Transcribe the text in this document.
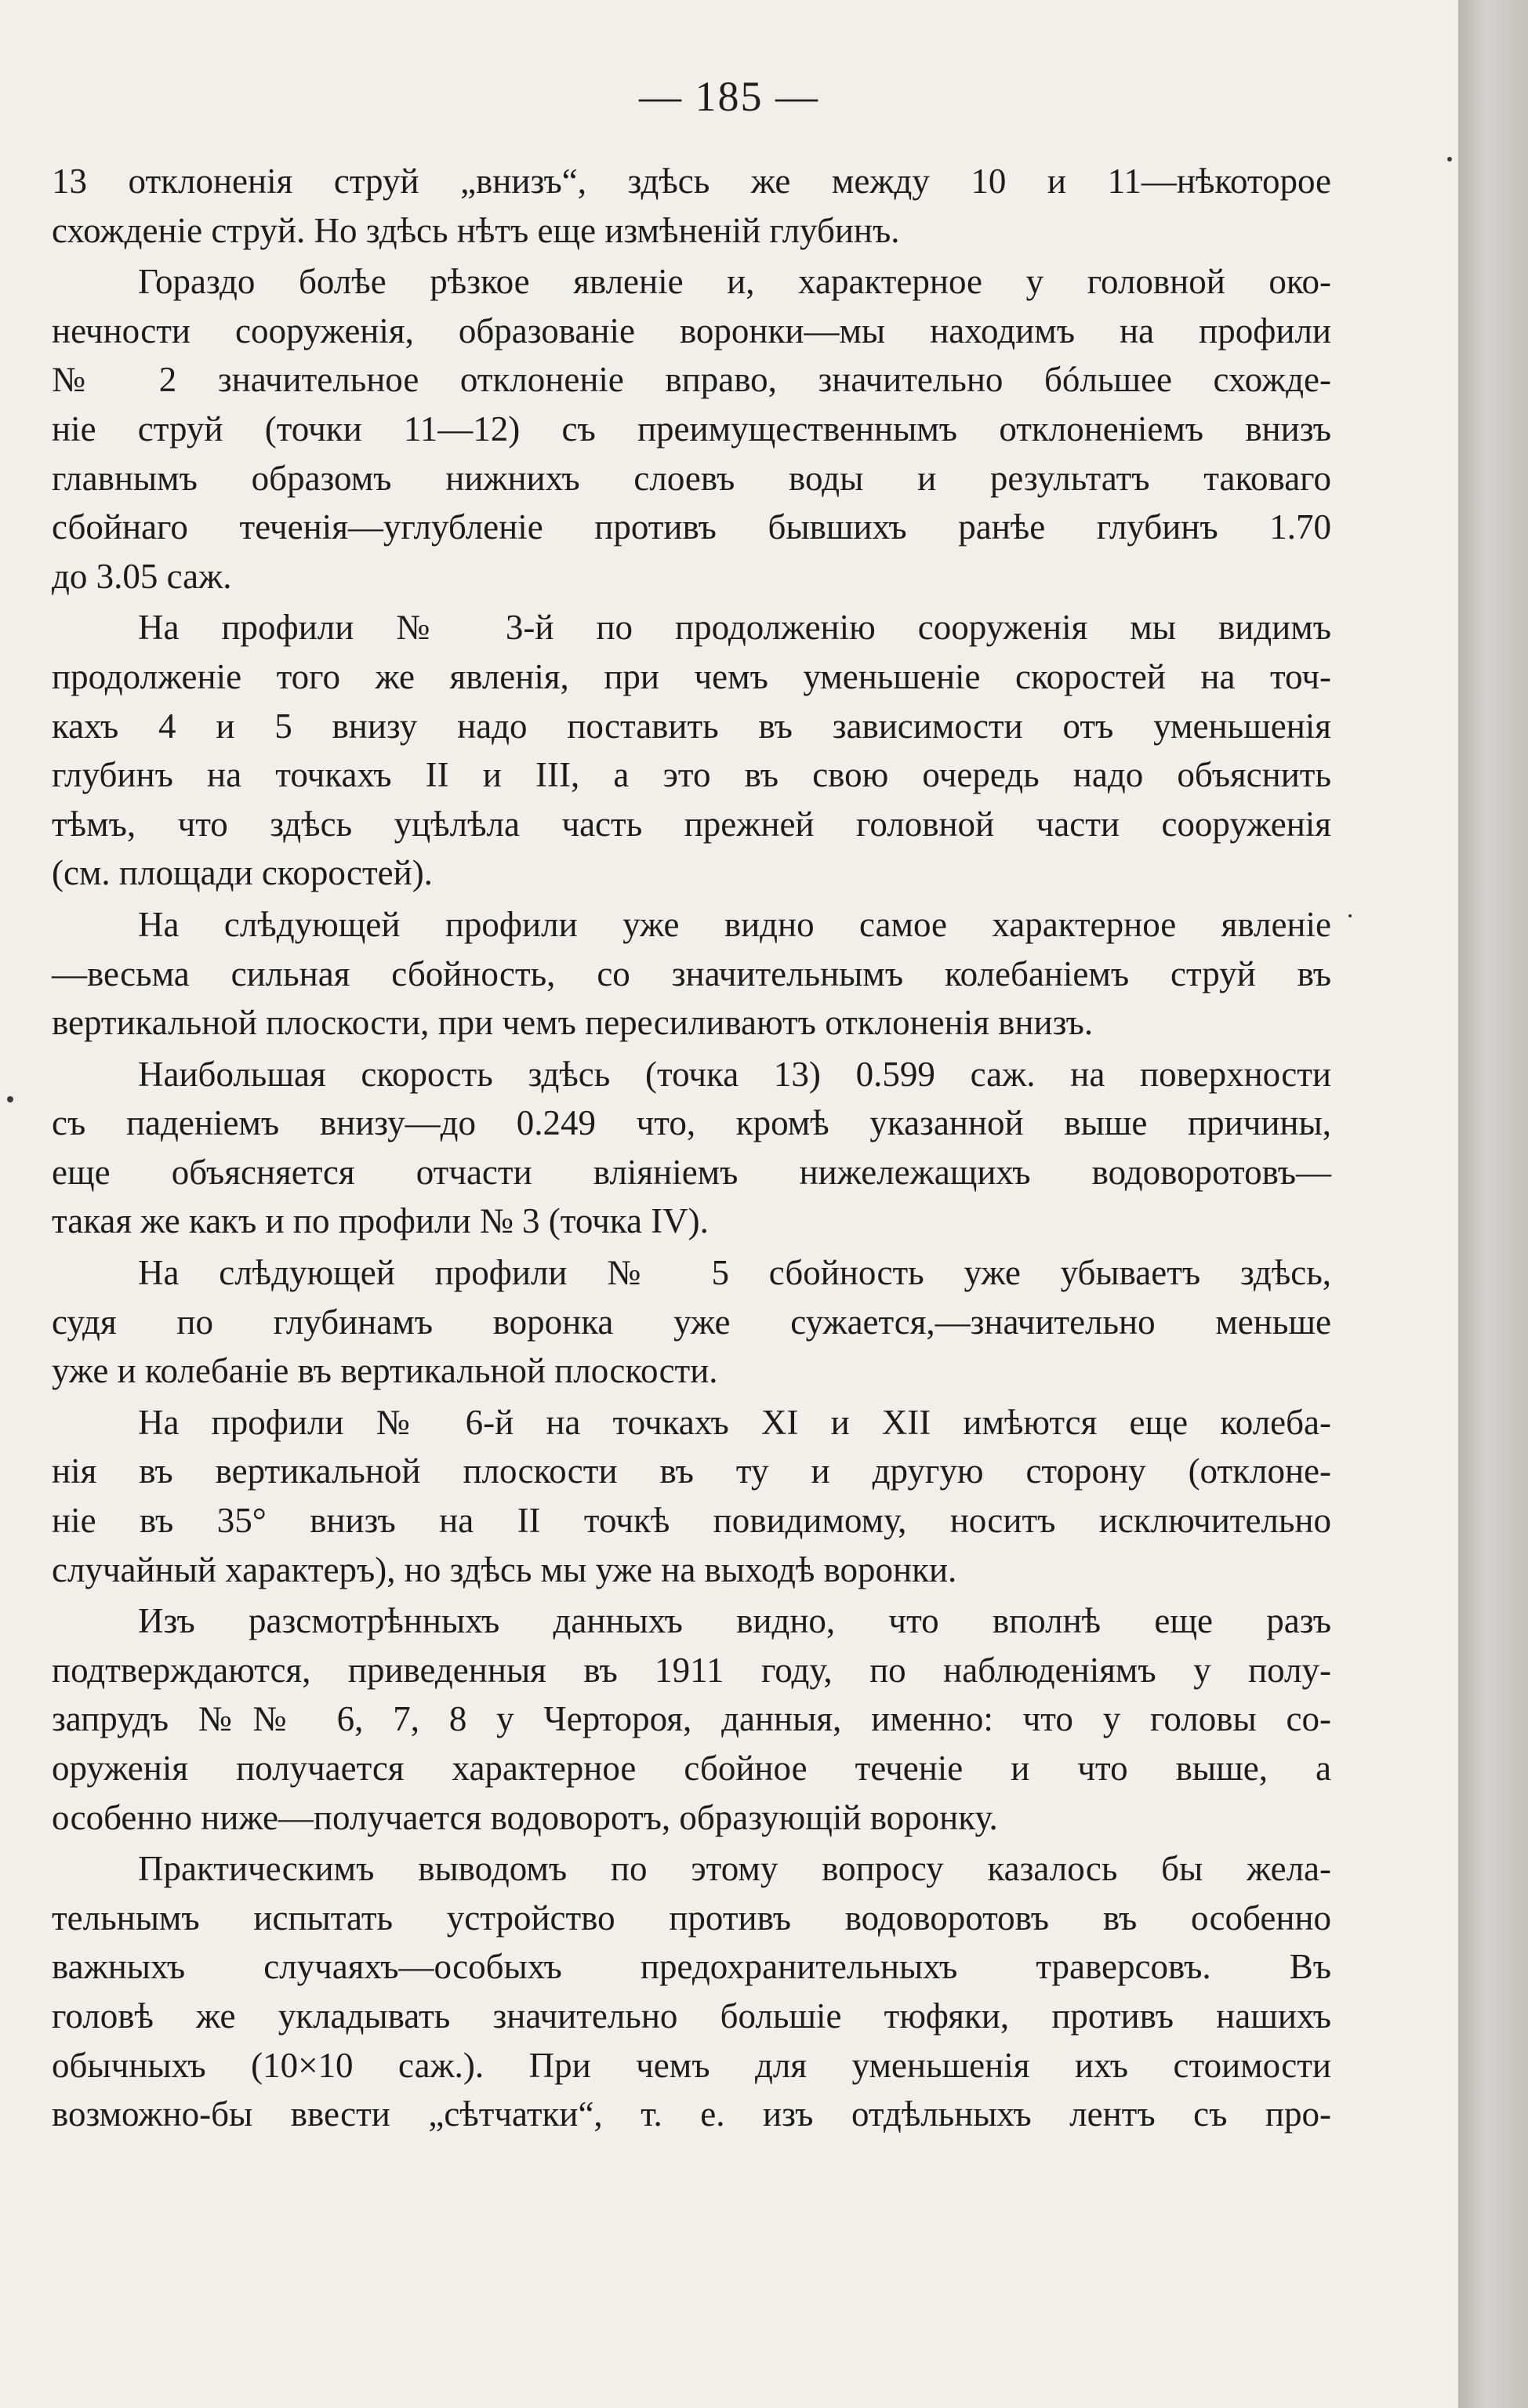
— 185 —
13 отклоненія струй „внизъ“, здѣсь же между 10 и 11—нѣкоторое
схожденіе струй. Но здѣсь нѣтъ еще измѣненій глубинъ.
Гораздо болѣе рѣзкое явленіе и, характерное у головной око-
нечности сооруженія, образованіе воронки—мы находимъ на профили
№ 2 значительное отклоненіе вправо, значительно бóльшее схожде-
ніе струй (точки 11—12) съ преимущественнымъ отклоненіемъ внизъ
главнымъ образомъ нижнихъ слоевъ воды и результатъ таковаго
сбойнаго теченія—углубленіе противъ бывшихъ ранѣе глубинъ 1.70
до 3.05 саж.
На профили № 3-й по продолженію сооруженія мы видимъ
продолженіе того же явленія, при чемъ уменьшеніе скоростей на точ-
кахъ 4 и 5 внизу надо поставить въ зависимости отъ уменьшенія
глубинъ на точкахъ II и III, а это въ свою очередь надо объяснить
тѣмъ, что здѣсь уцѣлѣла часть прежней головной части сооруженія
(см. площади скоростей).
На слѣдующей профили уже видно самое характерное явленіе
—весьма сильная сбойность, со значительнымъ колебаніемъ струй въ
вертикальной плоскости, при чемъ пересиливаютъ отклоненія внизъ.
Наибольшая скорость здѣсь (точка 13) 0.599 саж. на поверхности
съ паденіемъ внизу—до 0.249 что, кромѣ указанной выше причины,
еще объясняется отчасти вліяніемъ нижележащихъ водоворотовъ—
такая же какъ и по профили № 3 (точка IV).
На слѣдующей профили № 5 сбойность уже убываетъ здѣсь,
судя по глубинамъ воронка уже сужается,—значительно меньше
уже и колебаніе въ вертикальной плоскости.
На профили № 6-й на точкахъ XI и XII имѣются еще колеба-
нія въ вертикальной плоскости въ ту и другую сторону (отклоне-
ніе въ 35° внизъ на II точкѣ повидимому, носитъ исключительно
случайный характеръ), но здѣсь мы уже на выходѣ воронки.
Изъ разсмотрѣнныхъ данныхъ видно, что вполнѣ еще разъ
подтверждаются, приведенныя въ 1911 году, по наблюденіямъ у полу-
запрудъ №№ 6, 7, 8 у Чертороя, данныя, именно: что у головы со-
оруженія получается характерное сбойное теченіе и что выше, а
особенно ниже—получается водоворотъ, образующій воронку.
Практическимъ выводомъ по этому вопросу казалось бы жела-
тельнымъ испытать устройство противъ водоворотовъ въ особенно
важныхъ случаяхъ—особыхъ предохранительныхъ траверсовъ. Въ
головѣ же укладывать значительно большіе тюфяки, противъ нашихъ
обычныхъ (10×10 саж.). При чемъ для уменьшенія ихъ стоимости
возможно-бы ввести „сѣтчатки“, т. е. изъ отдѣльныхъ лентъ съ про-
